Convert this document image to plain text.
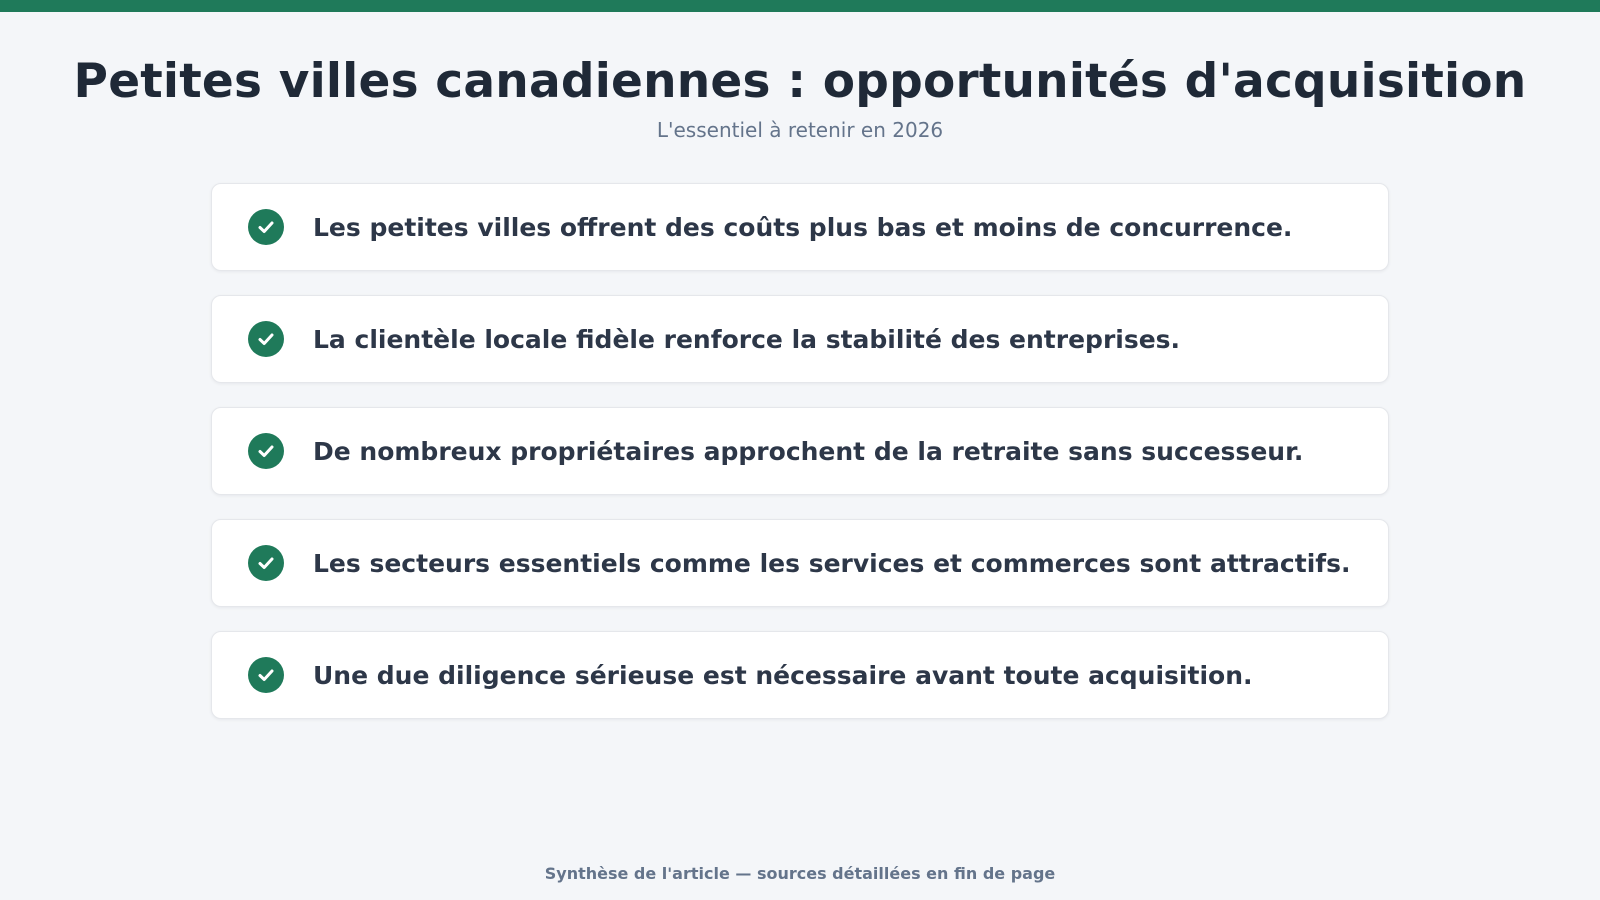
Petites villes canadiennes : opportunités d'acquisition
L'essentiel à retenir en 2026
Les petites villes offrent des coûts plus bas et moins de concurrence.
La clientèle locale fidèle renforce la stabilité des entreprises.
De nombreux propriétaires approchent de la retraite sans successeur.
Les secteurs essentiels comme les services et commerces sont attractifs.
Une due diligence sérieuse est nécessaire avant toute acquisition.
Synthèse de l'article — sources détaillées en fin de page
